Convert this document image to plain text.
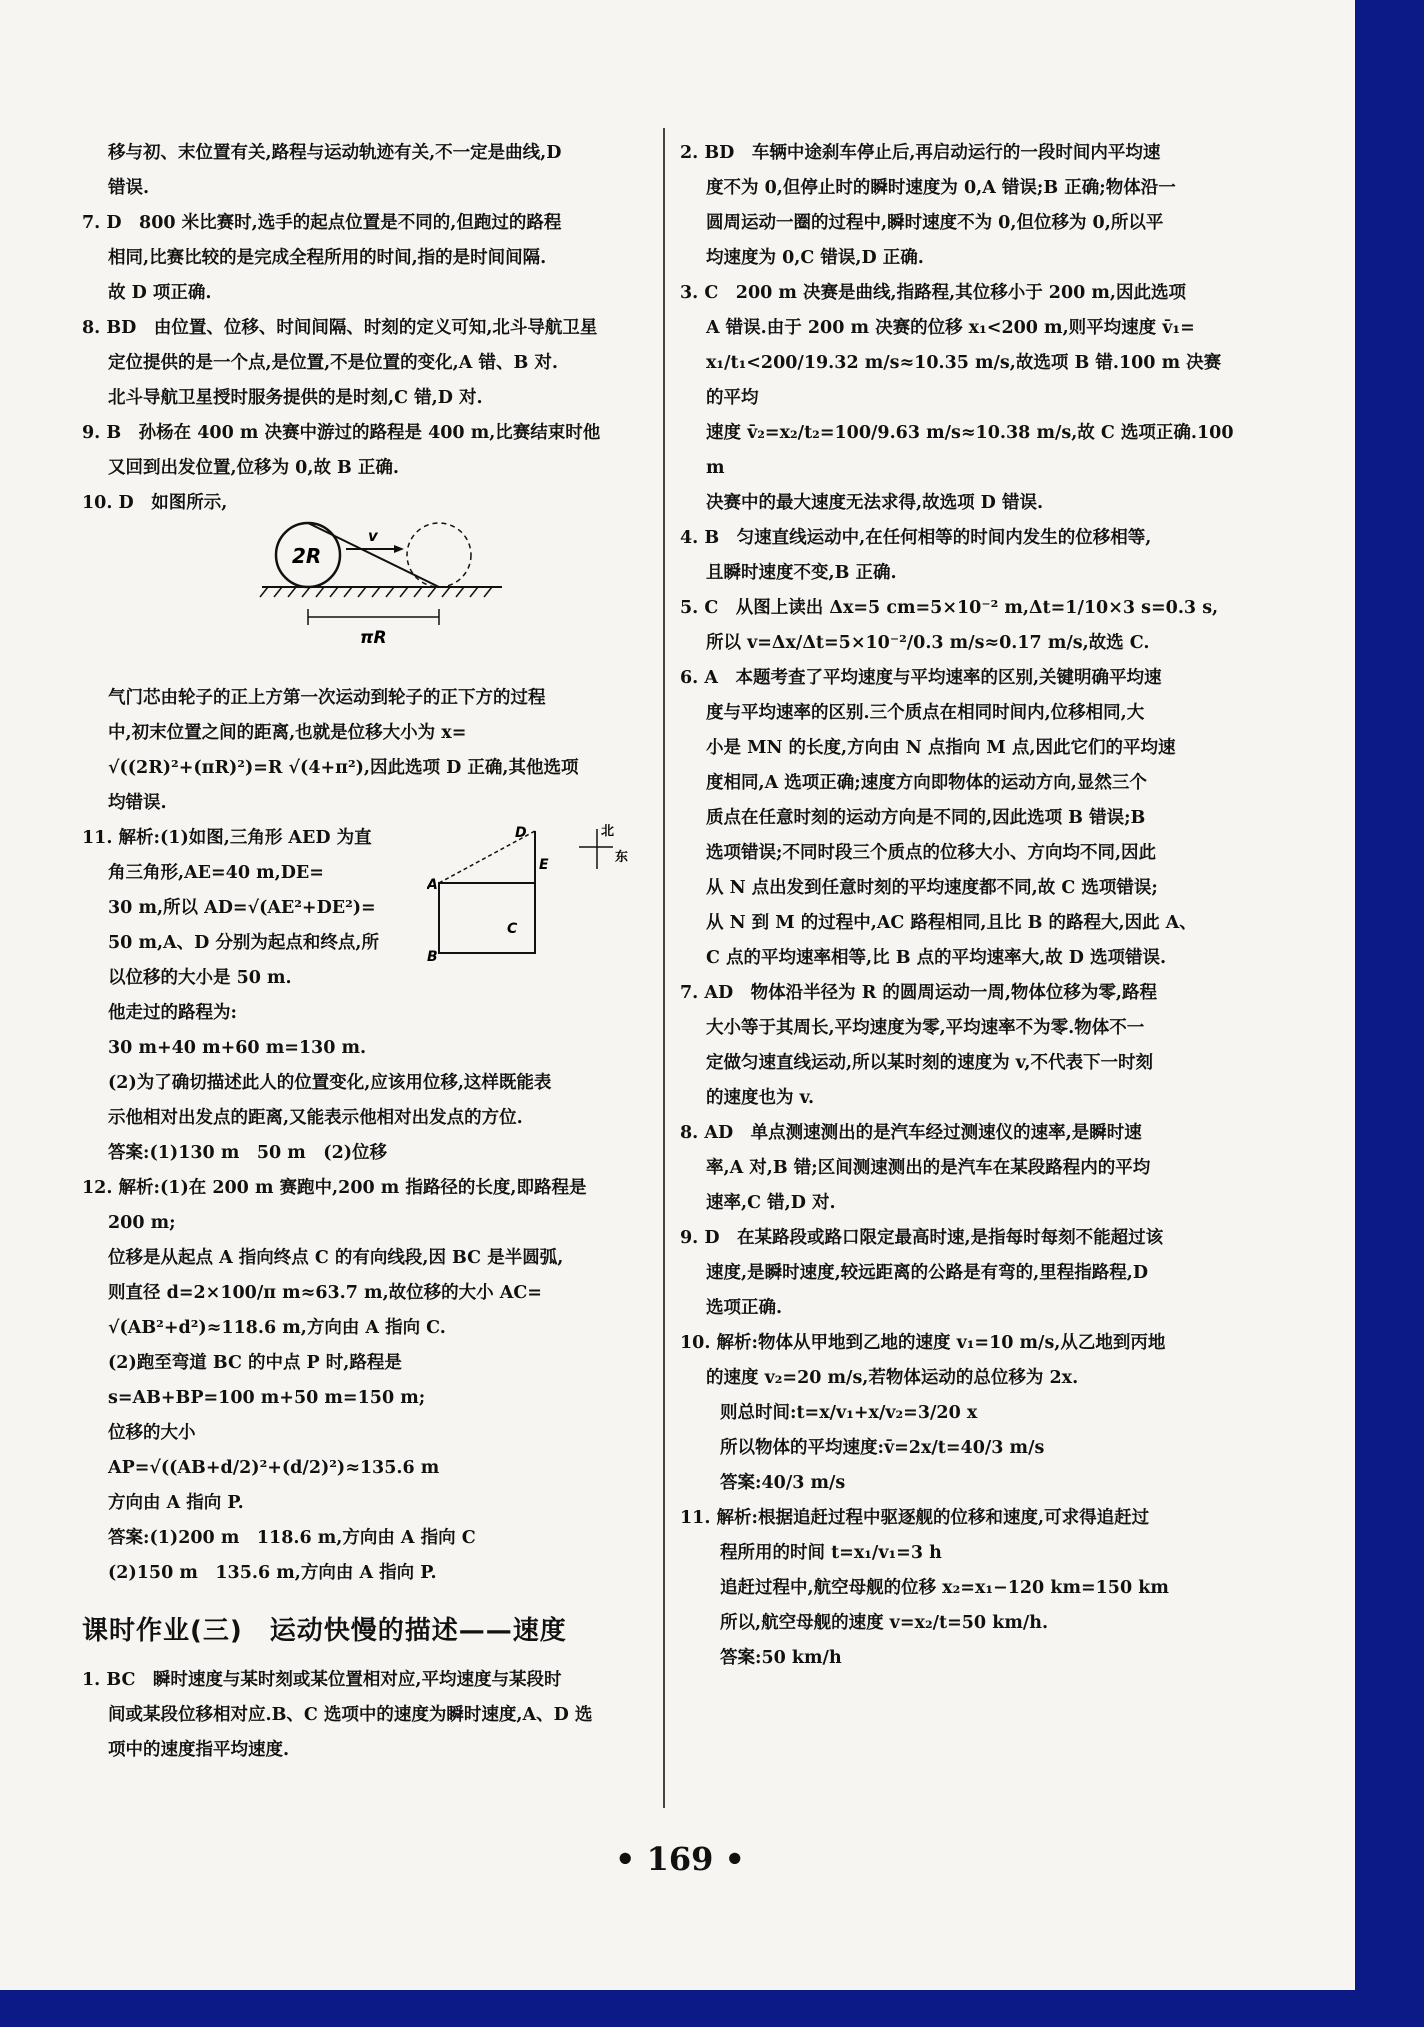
移与初、末位置有关,路程与运动轨迹有关,不一定是曲线,D

错误.

7. D　800 米比赛时,选手的起点位置是不同的,但跑过的路程

相同,比赛比较的是完成全程所用的时间,指的是时间间隔.

故 D 项正确.

8. BD　由位置、位移、时间间隔、时刻的定义可知,北斗导航卫星

定位提供的是一个点,是位置,不是位置的变化,A 错、B 对.

北斗导航卫星授时服务提供的是时刻,C 错,D 对.

9. B　孙杨在 400 m 决赛中游过的路程是 400 m,比赛结束时他

又回到出发位置,位移为 0,故 B 正确.

10. D　如图所示,

v
2R
πR

气门芯由轮子的正上方第一次运动到轮子的正下方的过程

中,初末位置之间的距离,也就是位移大小为 x=

√((2R)²+(πR)²)=R √(4+π²),因此选项 D 正确,其他选项

均错误.

11. 解析:(1)如图,三角形 AED 为直

角三角形,AE=40 m,DE=

30 m,所以 AD=√(AE²+DE²)=

50 m,A、D 分别为起点和终点,所

以位移的大小是 50 m.

D
E
A
B
C
北
东

他走过的路程为:

30 m+40 m+60 m=130 m.

(2)为了确切描述此人的位置变化,应该用位移,这样既能表

示他相对出发点的距离,又能表示他相对出发点的方位.

答案:(1)130 m　50 m　(2)位移

12. 解析:(1)在 200 m 赛跑中,200 m 指路径的长度,即路程是

200 m;

位移是从起点 A 指向终点 C 的有向线段,因 BC 是半圆弧,

则直径 d=2×100/π m≈63.7 m,故位移的大小 AC=

√(AB²+d²)≈118.6 m,方向由 A 指向 C.

(2)跑至弯道 BC 的中点 P 时,路程是

s=AB+BP=100 m+50 m=150 m;

位移的大小

AP=√((AB+d/2)²+(d/2)²)≈135.6 m

方向由 A 指向 P.

答案:(1)200 m　118.6 m,方向由 A 指向 C

(2)150 m　135.6 m,方向由 A 指向 P.

课时作业(三)　运动快慢的描述——速度

1. BC　瞬时速度与某时刻或某位置相对应,平均速度与某段时

间或某段位移相对应.B、C 选项中的速度为瞬时速度,A、D 选

项中的速度指平均速度.

2. BD　车辆中途刹车停止后,再启动运行的一段时间内平均速

度不为 0,但停止时的瞬时速度为 0,A 错误;B 正确;物体沿一

圆周运动一圈的过程中,瞬时速度不为 0,但位移为 0,所以平

均速度为 0,C 错误,D 正确.

3. C　200 m 决赛是曲线,指路程,其位移小于 200 m,因此选项

A 错误.由于 200 m 决赛的位移 x₁<200 m,则平均速度 v̄₁=

x₁/t₁<200/19.32 m/s≈10.35 m/s,故选项 B 错.100 m 决赛的平均

速度 v̄₂=x₂/t₂=100/9.63 m/s≈10.38 m/s,故 C 选项正确.100 m

决赛中的最大速度无法求得,故选项 D 错误.

4. B　匀速直线运动中,在任何相等的时间内发生的位移相等,

且瞬时速度不变,B 正确.

5. C　从图上读出 Δx=5 cm=5×10⁻² m,Δt=1/10×3 s=0.3 s,

所以 v=Δx/Δt=5×10⁻²/0.3 m/s≈0.17 m/s,故选 C.

6. A　本题考查了平均速度与平均速率的区别,关键明确平均速

度与平均速率的区别.三个质点在相同时间内,位移相同,大

小是 MN 的长度,方向由 N 点指向 M 点,因此它们的平均速

度相同,A 选项正确;速度方向即物体的运动方向,显然三个

质点在任意时刻的运动方向是不同的,因此选项 B 错误;B

选项错误;不同时段三个质点的位移大小、方向均不同,因此

从 N 点出发到任意时刻的平均速度都不同,故 C 选项错误;

从 N 到 M 的过程中,AC 路程相同,且比 B 的路程大,因此 A、

C 点的平均速率相等,比 B 点的平均速率大,故 D 选项错误.

7. AD　物体沿半径为 R 的圆周运动一周,物体位移为零,路程

大小等于其周长,平均速度为零,平均速率不为零.物体不一

定做匀速直线运动,所以某时刻的速度为 v,不代表下一时刻

的速度也为 v.

8. AD　单点测速测出的是汽车经过测速仪的速率,是瞬时速

率,A 对,B 错;区间测速测出的是汽车在某段路程内的平均

速率,C 错,D 对.

9. D　在某路段或路口限定最高时速,是指每时每刻不能超过该

速度,是瞬时速度,较远距离的公路是有弯的,里程指路程,D

选项正确.

10. 解析:物体从甲地到乙地的速度 v₁=10 m/s,从乙地到丙地

的速度 v₂=20 m/s,若物体运动的总位移为 2x.

则总时间:t=x/v₁+x/v₂=3/20 x

所以物体的平均速度:v̄=2x/t=40/3 m/s

答案:40/3 m/s

11. 解析:根据追赶过程中驱逐舰的位移和速度,可求得追赶过

程所用的时间 t=x₁/v₁=3 h

追赶过程中,航空母舰的位移 x₂=x₁−120 km=150 km

所以,航空母舰的速度 v=x₂/t=50 km/h.

答案:50 km/h

• 169 •
